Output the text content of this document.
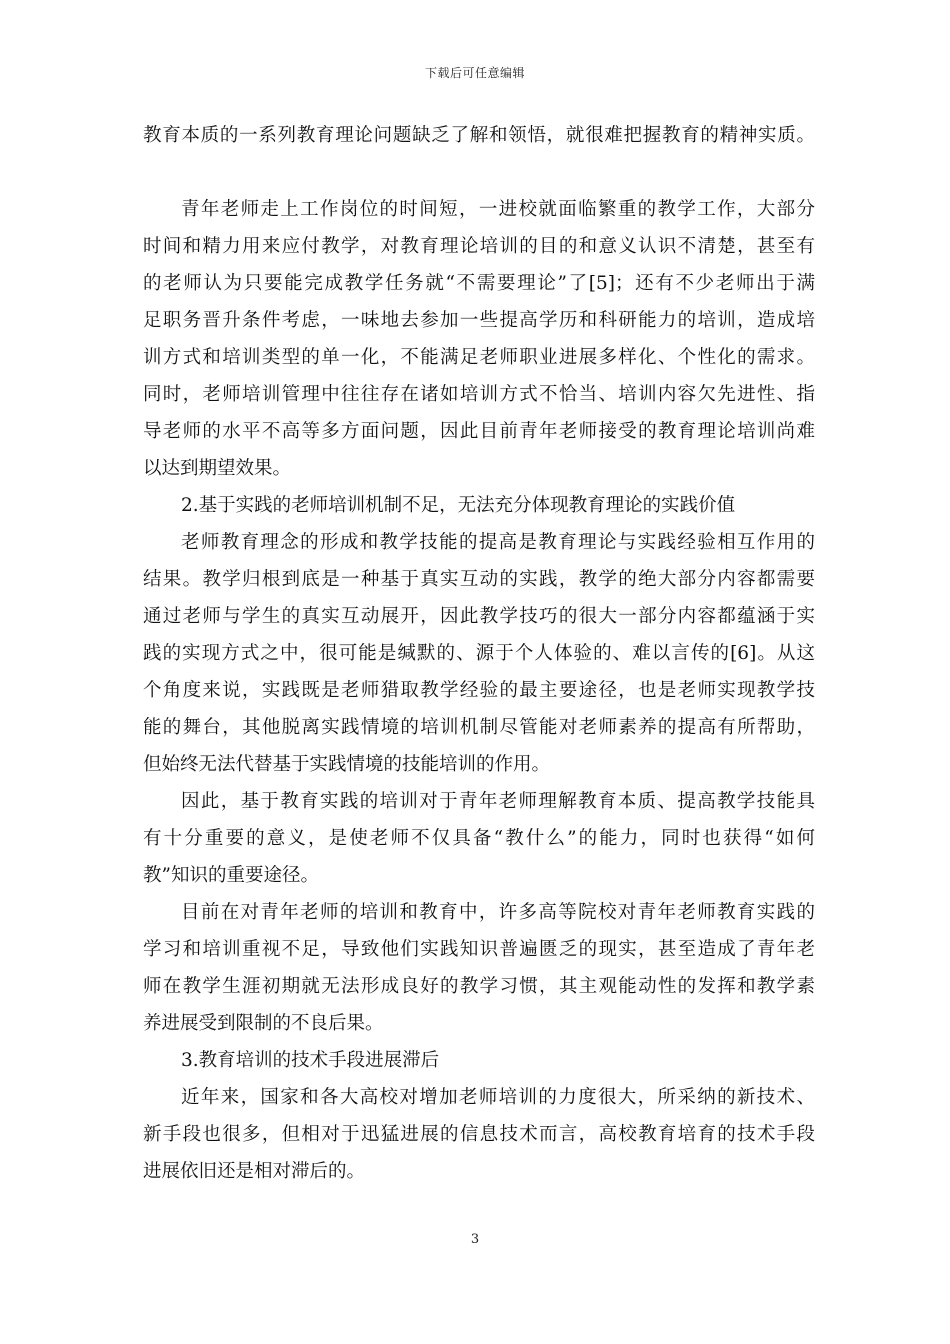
下载后可任意编辑
教育本质的一系列教育理论问题缺乏了解和领悟，就很难把握教育的精神实质。
青年老师走上工作岗位的时间短，一进校就面临繁重的教学工作，大部分
时间和精力用来应付教学，对教育理论培训的目的和意义认识不清楚，甚至有
的老师认为只要能完成教学任务就“不需要理论”了[5]；还有不少老师出于满
足职务晋升条件考虑，一味地去参加一些提高学历和科研能力的培训，造成培
训方式和培训类型的单一化，不能满足老师职业进展多样化、个性化的需求。
同时，老师培训管理中往往存在诸如培训方式不恰当、培训内容欠先进性、指
导老师的水平不高等多方面问题，因此目前青年老师接受的教育理论培训尚难
以达到期望效果。
2.基于实践的老师培训机制不足，无法充分体现教育理论的实践价值
老师教育理念的形成和教学技能的提高是教育理论与实践经验相互作用的
结果。教学归根到底是一种基于真实互动的实践，教学的绝大部分内容都需要
通过老师与学生的真实互动展开，因此教学技巧的很大一部分内容都蕴涵于实
践的实现方式之中，很可能是缄默的、源于个人体验的、难以言传的[6]。从这
个角度来说，实践既是老师猎取教学经验的最主要途径，也是老师实现教学技
能的舞台，其他脱离实践情境的培训机制尽管能对老师素养的提高有所帮助，
但始终无法代替基于实践情境的技能培训的作用。
因此，基于教育实践的培训对于青年老师理解教育本质、提高教学技能具
有十分重要的意义，是使老师不仅具备“教什么”的能力，同时也获得“如何
教”知识的重要途径。
目前在对青年老师的培训和教育中，许多高等院校对青年老师教育实践的
学习和培训重视不足，导致他们实践知识普遍匮乏的现实，甚至造成了青年老
师在教学生涯初期就无法形成良好的教学习惯，其主观能动性的发挥和教学素
养进展受到限制的不良后果。
3.教育培训的技术手段进展滞后
近年来，国家和各大高校对增加老师培训的力度很大，所采纳的新技术、
新手段也很多，但相对于迅猛进展的信息技术而言，高校教育培育的技术手段
进展依旧还是相对滞后的。
3
